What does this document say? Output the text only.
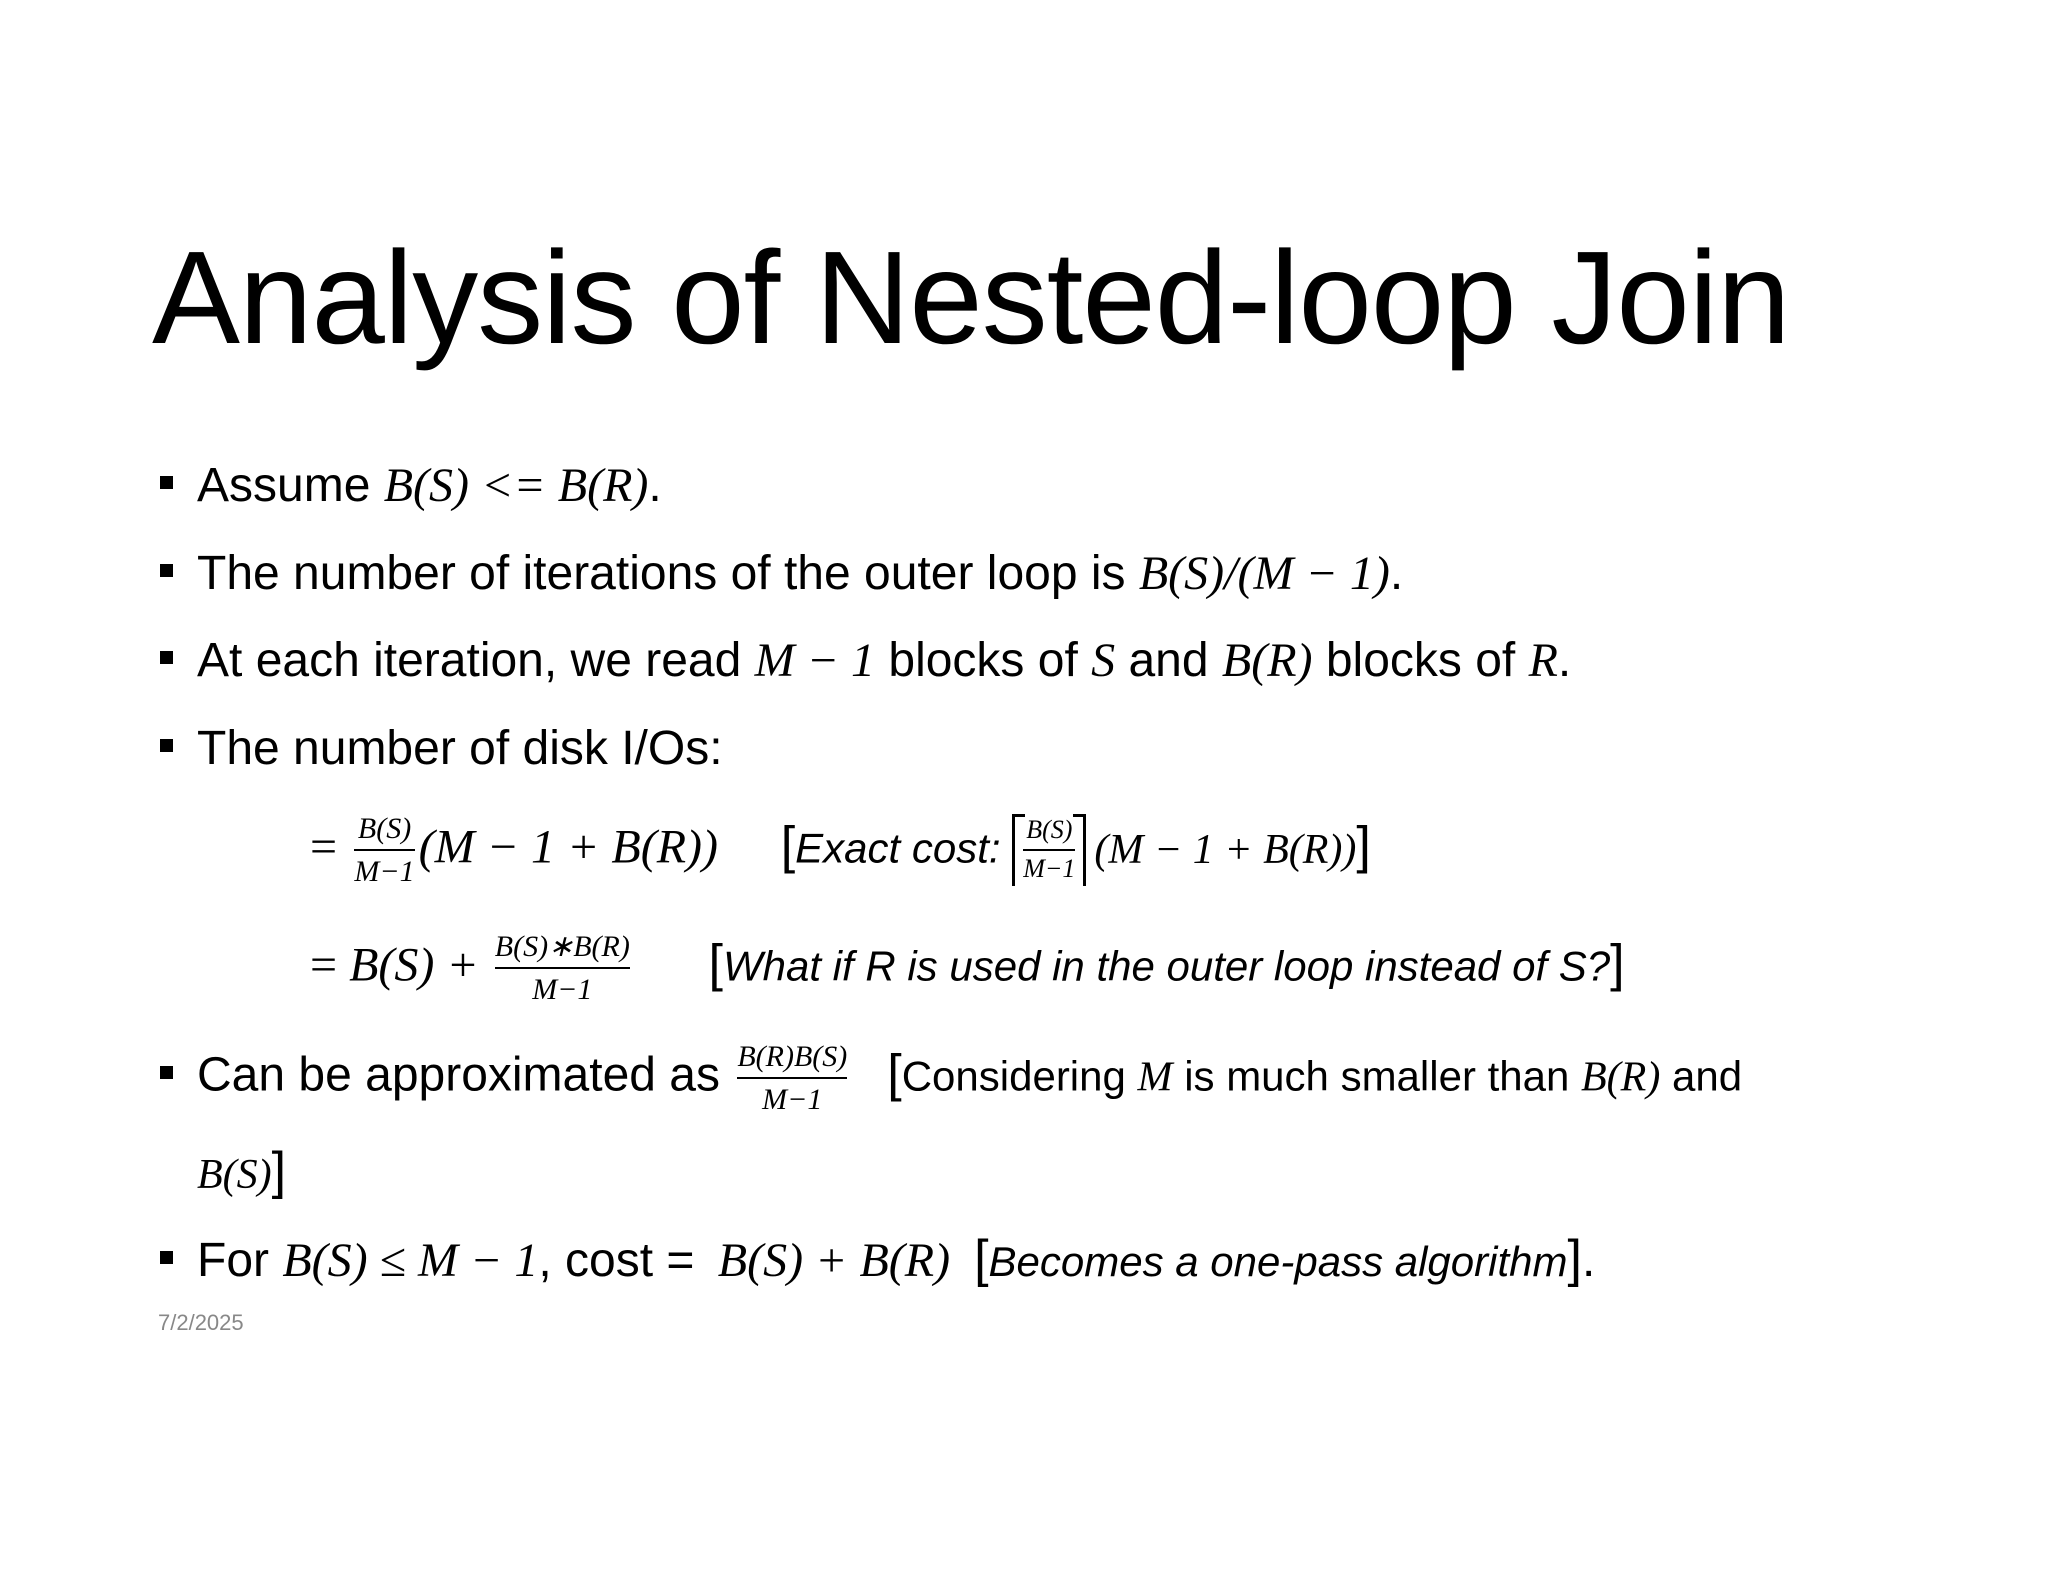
Analysis of Nested-loop Join
Assume B(S) <= B(R).
The number of iterations of the outer loop is B(S)/(M − 1).
At each iteration, we read M − 1 blocks of S and B(R) blocks of R.
The number of disk I/Os:
= $\frac{B(S)}{M-1} (M - 1 + B(R))$ [Exact cost: $\frac{B(S)}{M-1} (M - 1 + B(R))$]
= $B(S) + \frac{B(S)∗B(R)}{M-1}$ [What if R is used in the outer loop instead of S?]
Can be approximated as $\frac{B(R)B(S)}{M-1}$ [Considering M is much smaller than B(R) and
B(S)]
For B(S) ≤ M − 1, cost = B(S) + B(R) [Becomes a one-pass algorithm].
7/2/2025
